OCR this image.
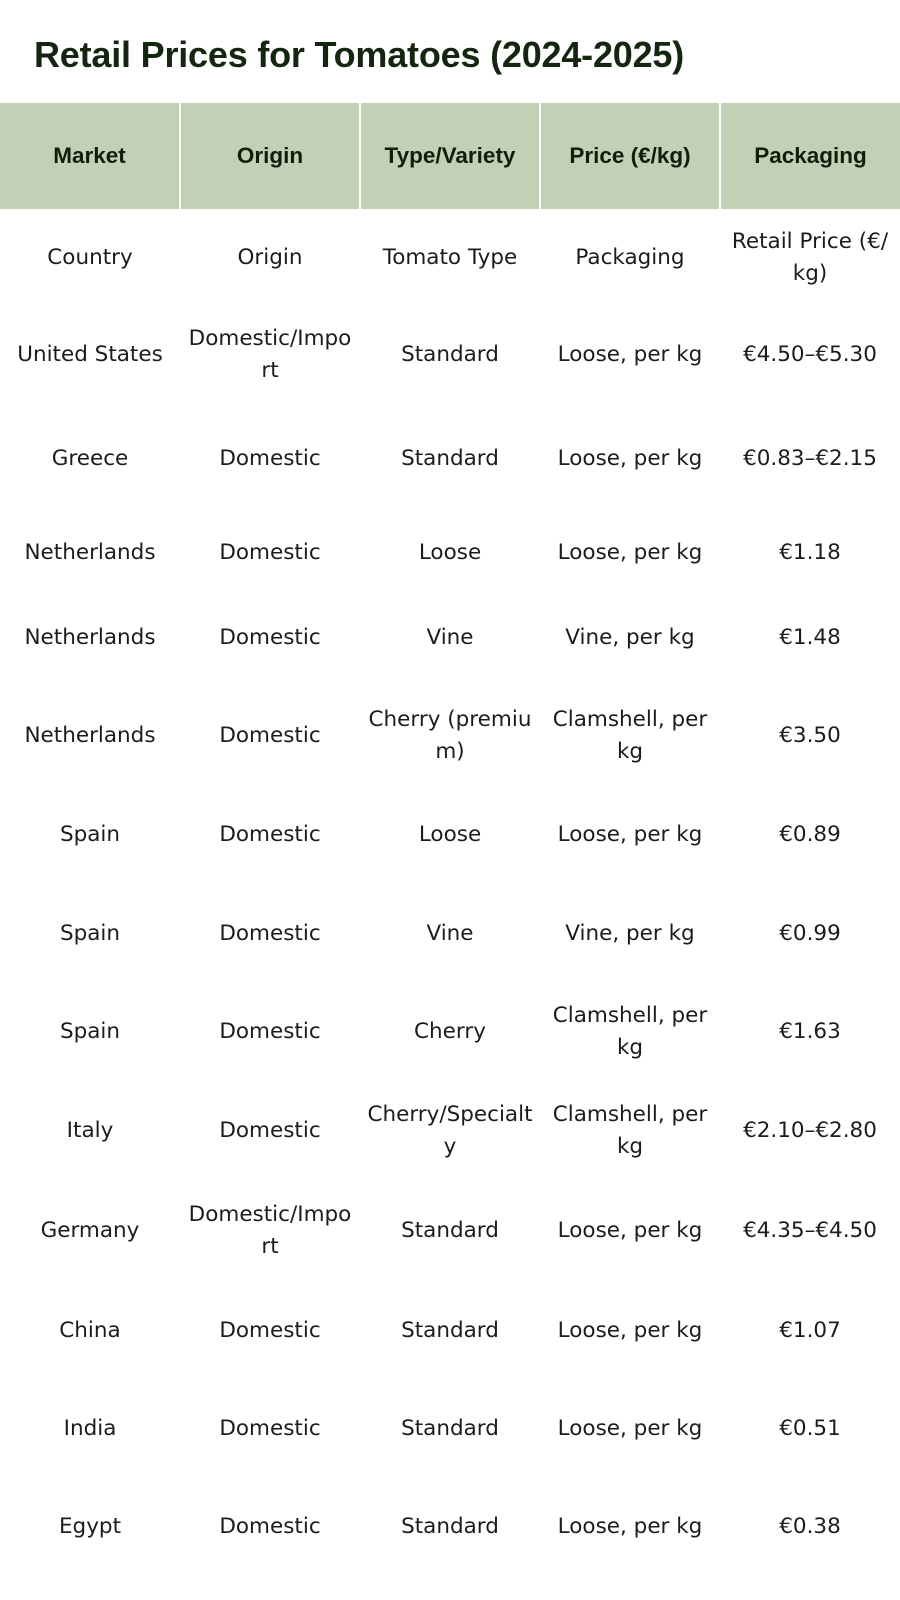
Retail Prices for Tomatoes (2024-2025)
Market	Origin	Type/Variety	Price (€/kg)	Packaging
Country	Origin	Tomato Type	Packaging	Retail Price (€/kg)
United States	Domestic/Import	Standard	Loose, per kg	€4.50–€5.30
Greece	Domestic	Standard	Loose, per kg	€0.83–€2.15
Netherlands	Domestic	Loose	Loose, per kg	€1.18
Netherlands	Domestic	Vine	Vine, per kg	€1.48
Netherlands	Domestic	Cherry (premium)	Clamshell, per kg	€3.50
Spain	Domestic	Loose	Loose, per kg	€0.89
Spain	Domestic	Vine	Vine, per kg	€0.99
Spain	Domestic	Cherry	Clamshell, per kg	€1.63
Italy	Domestic	Cherry/Specialty	Clamshell, per kg	€2.10–€2.80
Germany	Domestic/Import	Standard	Loose, per kg	€4.35–€4.50
China	Domestic	Standard	Loose, per kg	€1.07
India	Domestic	Standard	Loose, per kg	€0.51
Egypt	Domestic	Standard	Loose, per kg	€0.38
